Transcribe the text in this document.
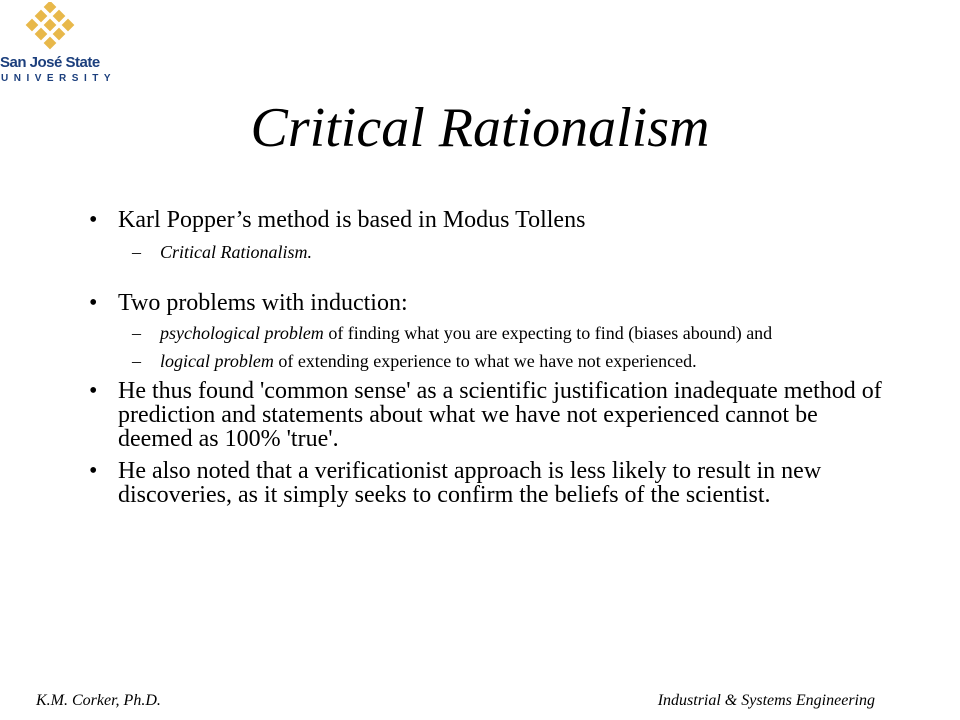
San José State
UNIVERSITY
Critical Rationalism
• Karl Popper’s method is based in Modus Tollens
– Critical Rationalism.
• Two problems with induction:
– psychological problem of finding what you are expecting to find (biases abound) and
– logical problem of extending experience to what we have not experienced.
• He thus found 'common sense' as a scientific justification inadequate method of prediction and statements about what we have not experienced cannot be deemed as 100% 'true'.
• He also noted that a verificationist approach is less likely to result in new discoveries, as it simply seeks to confirm the beliefs of the scientist.
K.M. Corker, Ph.D.	Industrial & Systems Engineering
